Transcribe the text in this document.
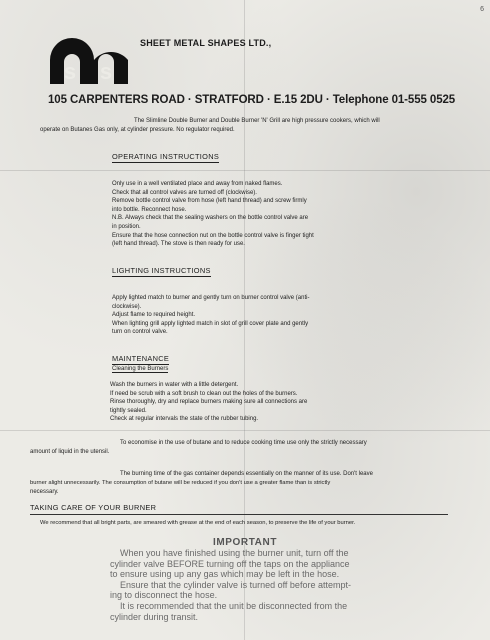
6
s s
SHEET METAL SHAPES LTD.,
105 CARPENTERS ROAD · STRATFORD · E.15 2DU · Telephone 01-555 0525
The Slimline Double Burner and Double Burner 'N' Grill are high pressure cookers, which will
operate on Butanes Gas only, at cylinder pressure. No regulator required.
OPERATING INSTRUCTIONS
Only use in a well ventilated place and away from naked flames.
Check that all control valves are turned off (clockwise).
Remove bottle control valve from hose (left hand thread) and screw firmly
into bottle. Reconnect hose.
N.B. Always check that the sealing washers on the bottle control valve are
in position.
Ensure that the hose connection nut on the bottle control valve is finger tight
(left hand thread). The stove is then ready for use.
LIGHTING INSTRUCTIONS
Apply lighted match to burner and gently turn on burner control valve (anti-
clockwise).
Adjust flame to required height.
When lighting grill apply lighted match in slot of grill cover plate and gently
turn on control valve.
MAINTENANCE
Cleaning the Burners
Wash the burners in water with a little detergent.
If need be scrub with a soft brush to clean out the holes of the burners.
Rinse thoroughly, dry and replace burners making sure all connections are
tightly sealed.
Check at regular intervals the state of the rubber tubing.
To economise in the use of butane and to reduce cooking time use only the strictly necessary
amount of liquid in the utensil.
The burning time of the gas container depends essentially on the manner of its use. Don't leave
burner alight unnecessarily. The consumption of butane will be reduced if you don't use a greater flame than is strictly
necessary.
TAKING CARE OF YOUR BURNER
We recommend that all bright parts, are smeared with grease at the end of each season, to preserve the life of your burner.
IMPORTANT

When you have finished using the burner unit, turn off the

cylinder valve BEFORE turning off the taps on the appliance

to ensure using up any gas which may be left in the hose.

Ensure that the cylinder valve is turned off before attempt-

ing to disconnect the hose.

It is recommended that the unit be disconnected from the

cylinder during transit.
